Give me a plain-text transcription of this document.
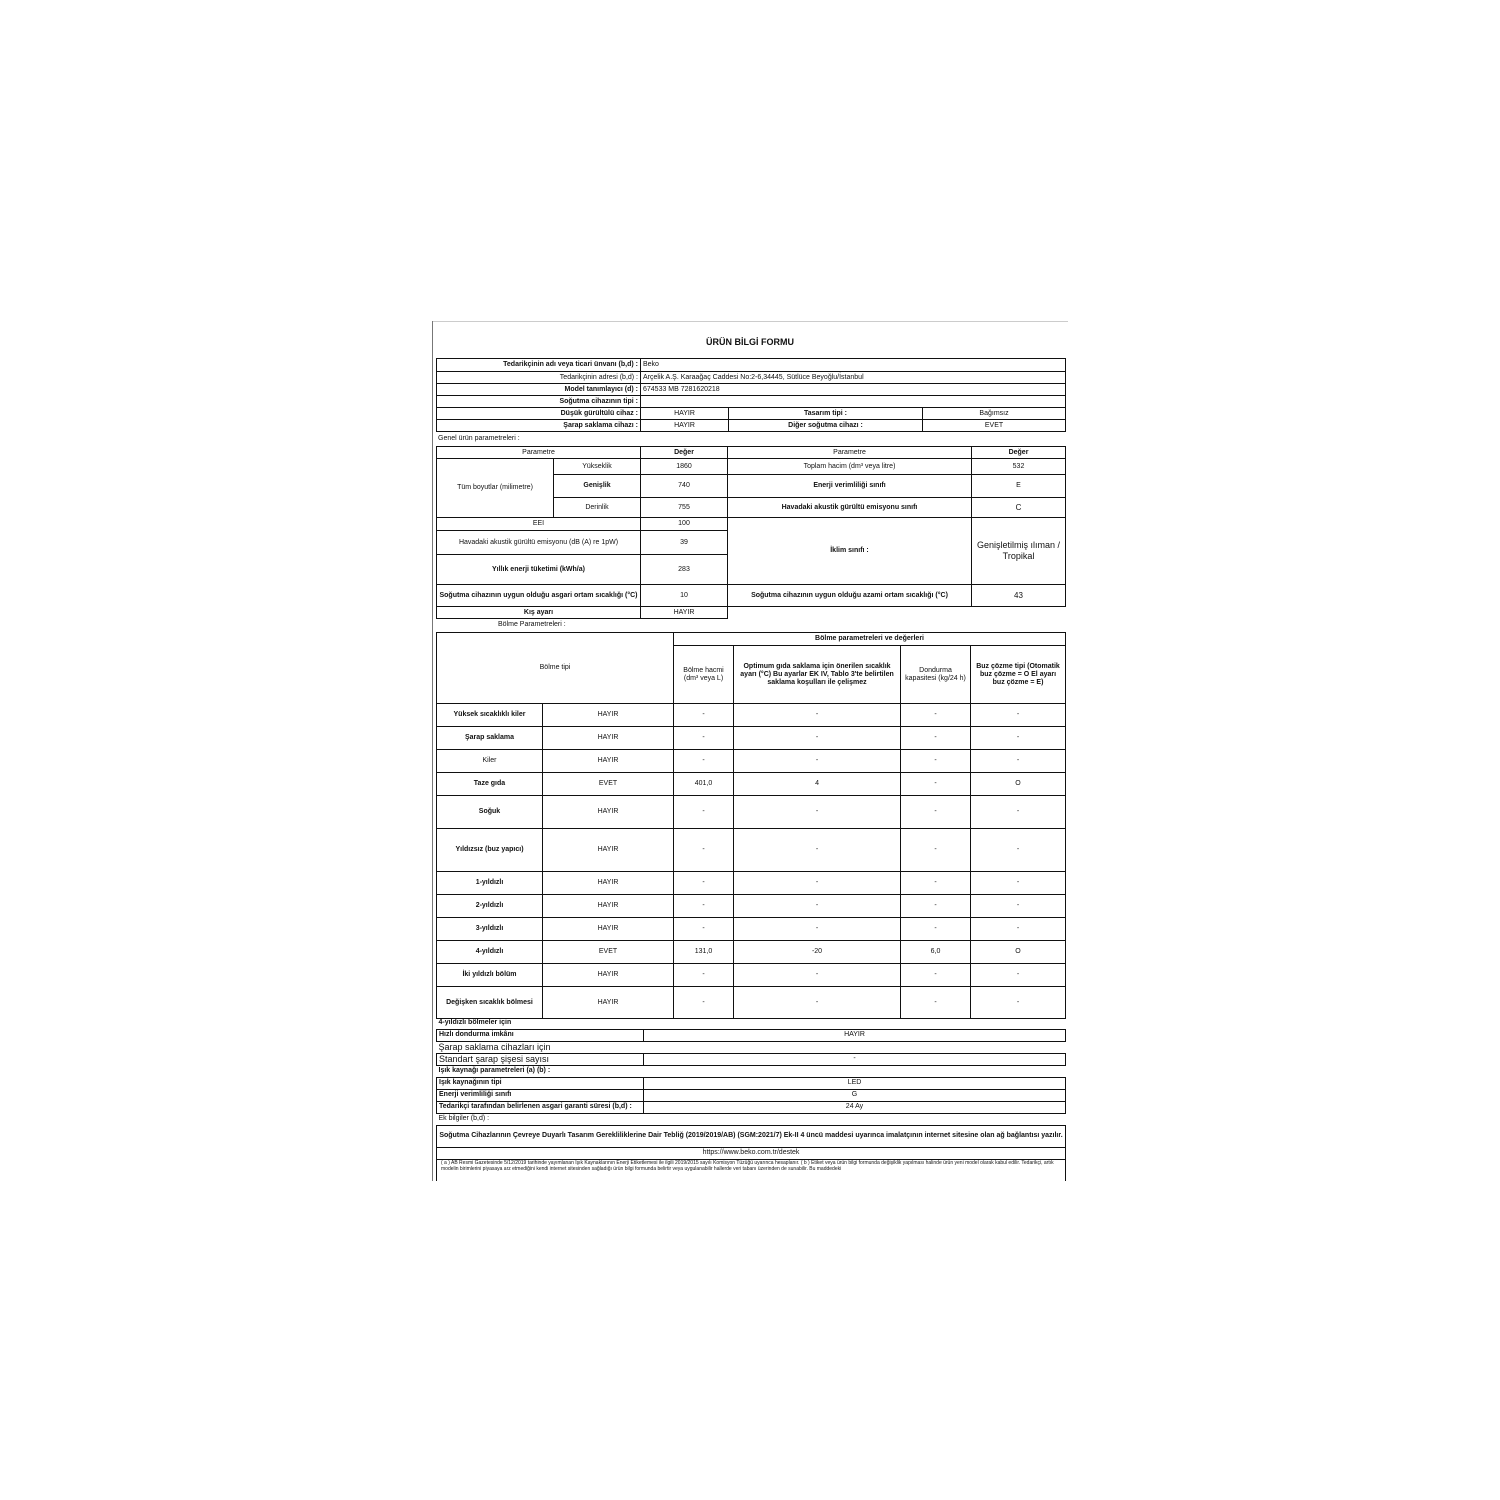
ÜRÜN BİLGİ FORMU
Tedarikçinin adı veya ticari ünvanı (b,d) :	Beko		
Tedarikçinin adresi (b,d) :	Arçelik A.Ş. Karaağaç Caddesi No:2-6,34445, Sütlüce Beyoğlu/İstanbul		
Model tanımlayıcı (d) :	674533 MB 7281620218		
Soğutma cihazının tipi :			
Düşük gürültülü cihaz :	HAYIR	Tasarım tipi :	Bağımsız
Şarap saklama cihazı :	HAYIR	Diğer soğutma cihazı :	EVET
Genel ürün parametreleri :
Parametre		Değer	Parametre	Değer
Tüm boyutlar (milimetre)	Yükseklik	1860	Toplam hacim (dm³ veya litre)	532
	Genişlik	740	Enerji verimliliği sınıfı	E
	Derinlik	755	Havadaki akustik gürültü emisyonu sınıfı	C
EEI		100	İklim sınıfı :	Genişletilmiş ılıman / Tropikal
Havadaki akustik gürültü emisyonu (dB (A) re 1pW)		39		
Yıllık enerji tüketimi (kWh/a)		283		
Soğutma cihazının uygun olduğu asgari ortam sıcaklığı (°C)		10	Soğutma cihazının uygun olduğu azami ortam sıcaklığı (°C)	43
Kış ayarı		HAYIR		
Bölme Parametreleri :
Bölme tipi		Bölme parametreleri ve değerleri			
		Bölme hacmi (dm³ veya L)	Optimum gıda saklama için önerilen sıcaklık ayarı (°C) Bu ayarlar EK IV, Tablo 3'te belirtilen saklama koşulları ile çelişmez	Dondurma kapasitesi (kg/24 h)	Buz çözme tipi (Otomatik buz çözme = O El ayarı buz çözme = E)
Yüksek sıcaklıklı kiler	HAYIR	-	-	-	-
Şarap saklama	HAYIR	-	-	-	-
Kiler	HAYIR	-	-	-	-
Taze gıda	EVET	401,0	4	-	O
Soğuk	HAYIR	-	-	-	-
Yıldızsız (buz yapıcı)	HAYIR	-	-	-	-
1-yıldızlı	HAYIR	-	-	-	-
2-yıldızlı	HAYIR	-	-	-	-
3-yıldızlı	HAYIR	-	-	-	-
4-yıldızlı	EVET	131,0	-20	6,0	O
İki yıldızlı bölüm	HAYIR	-	-	-	-
Değişken sıcaklık bölmesi	HAYIR	-	-	-	-
4-yıldızlı bölmeler için	
Hızlı dondurma imkânı	HAYIR
Şarap saklama cihazları için	
Standart şarap şişesi sayısı	-
Işık kaynağı parametreleri (a) (b) :	
Işık kaynağının tipi	LED
Enerji verimliliği sınıfı	G
Tedarikçi tarafından belirlenen asgari garanti süresi (b,d) :	24 Ay
Ek bilgiler (b,d) :	
Soğutma Cihazlarının Çevreye Duyarlı Tasarım Gerekliliklerine Dair Tebliğ (2019/2019/AB) (SGM:2021/7) Ek-II 4 üncü maddesi uyarınca imalatçının internet sitesine olan ağ bağlantısı yazılır.	
https://www.beko.com.tr/destek	
( a ) AB Resmi Gazetesinde 5/12/2019 tarihinde yayımlanan Işık Kaynaklarının Enerji Etiketlemesi ile ilgili 2019/2015 sayılı Komisyon Tüzüğü uyarınca hesaplanır. ( b ) Etiket veya ürün bilgi formunda değişiklik yapılması halinde ürün yeni model olarak kabul edilir. Tedarikçi, artık modelin birimlerini piyasaya arz etmediğini kendi internet sitesinden sağladığı ürün bilgi formunda belirtir veya uygulanabilir hallerde veri tabanı üzerinden de sunabilir. Bu maddedeki	
